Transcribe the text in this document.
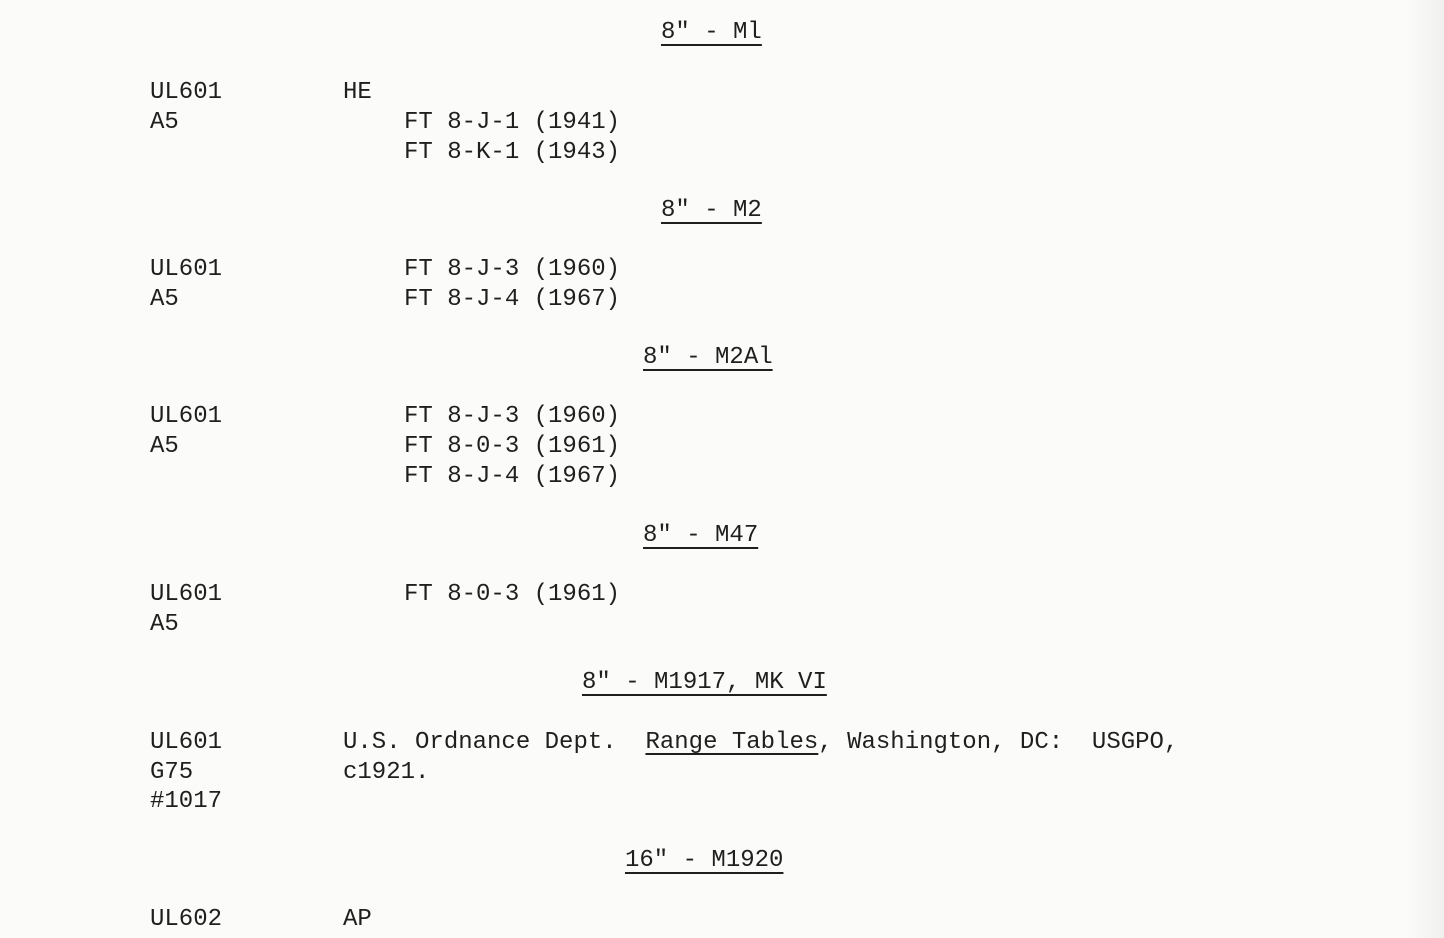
8" - Ml
UL601
A5
HE
FT 8-J-1 (1941)
FT 8-K-1 (1943)
8" - M2
UL601
A5
FT 8-J-3 (1960)
FT 8-J-4 (1967)
8" - M2Al
UL601
A5
FT 8-J-3 (1960)
FT 8-0-3 (1961)
FT 8-J-4 (1967)
8" - M47
UL601
A5
FT 8-0-3 (1961)
8" - M1917, MK VI
UL601
G75
#1017
U.S. Ordnance Dept.  Range Tables, Washington, DC:  USGPO,
c1921.
16" - M1920
UL602	AP
